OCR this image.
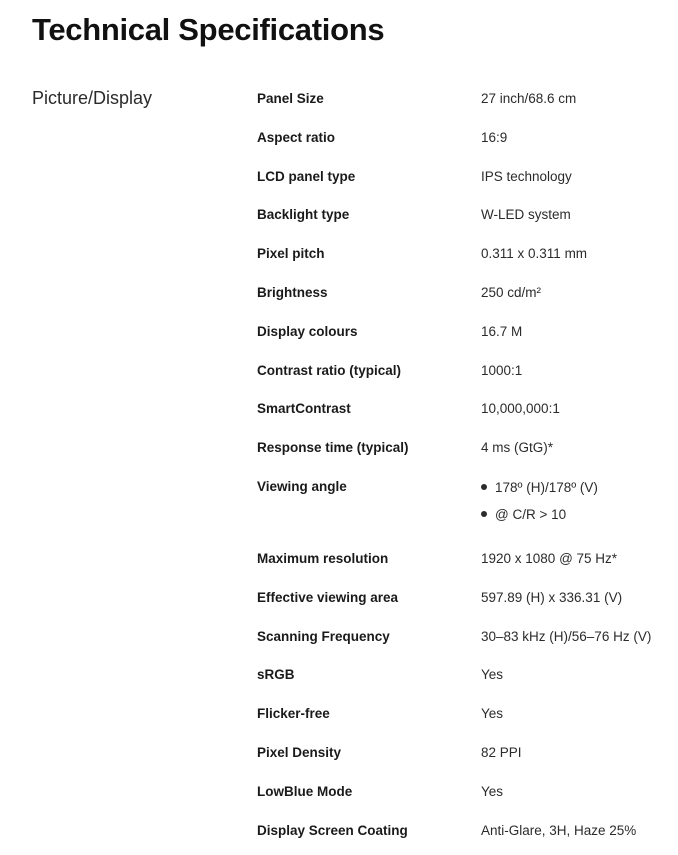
Technical Specifications
Picture/Display	Panel Size	27 inch/68.6 cm
Aspect ratio	16:9
LCD panel type	IPS technology
Backlight type	W-LED system
Pixel pitch	0.311 x 0.311 mm
Brightness	250 cd/m²
Display colours	16.7 M
Contrast ratio (typical)	1000:1
SmartContrast	10,000,000:1
Response time (typical)	4 ms (GtG)*
Viewing angle	178º (H)/178º (V)
@ C/R > 10
Maximum resolution	1920 x 1080 @ 75 Hz*
Effective viewing area	597.89 (H) x 336.31 (V)
Scanning Frequency	30–83 kHz (H)/56–76 Hz (V)
sRGB	Yes
Flicker-free	Yes
Pixel Density	82 PPI
LowBlue Mode	Yes
Display Screen Coating	Anti-Glare, 3H, Haze 25%
